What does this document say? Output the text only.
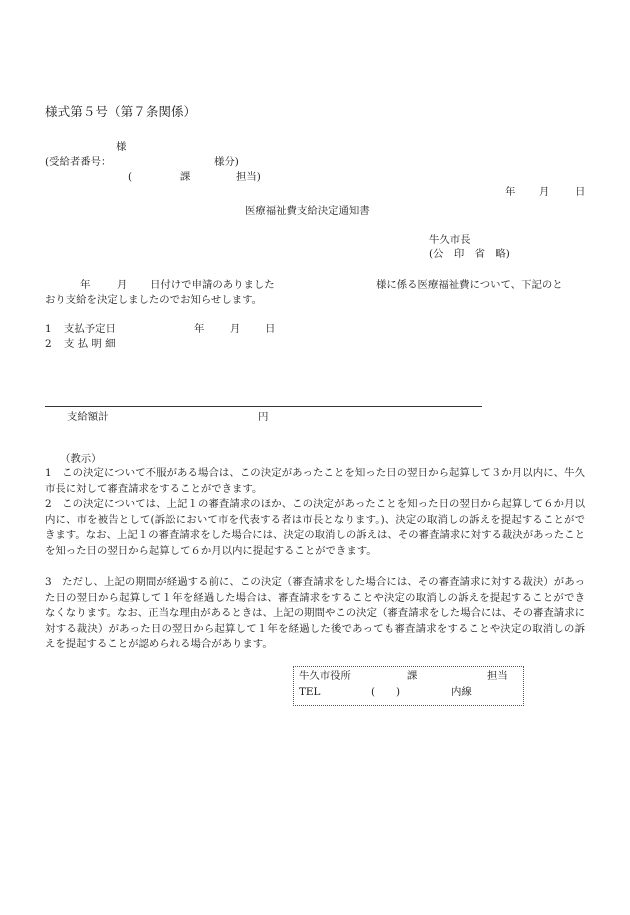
様式第５号（第７条関係）
様
(受給者番号：	様分)
(	課	担当)
年 月 日
医療福祉費支給決定通知書
牛久市長
(公　印　省　略)
年	月 日付けで申請のありました	様に係る医療福祉費について、下記のと
おり支給を決定しましたのでお知らせします。
1 支払予定日	年 月 日
2 支 払 明 細
支給額計	円
（教示）
1　この決定について不服がある場合は、この決定があったことを知った日の翌日から起算して３か月以内に、牛久市長に対して審査請求をすることができます。
2　この決定については、上記１の審査請求のほか、この決定があったことを知った日の翌日から起算して６か月以内に、市を被告として(訴訟において市を代表する者は市長となります。)、決定の取消しの訴えを提起することができます。なお、上記１の審査請求をした場合には、決定の取消しの訴えは、その審査請求に対する裁決があったことを知った日の翌日から起算して６か月以内に提起することができます。
3　ただし、上記の期間が経過する前に、この決定（審査請求をした場合には、その審査請求に対する裁決）があった日の翌日から起算して１年を経過した場合は、審査請求をすることや決定の取消しの訴えを提起することができなくなります。なお、正当な理由があるときは、上記の期間やこの決定（審査請求をした場合には、その審査請求に対する裁決）があった日の翌日から起算して１年を経過した後であっても審査請求をすることや決定の取消しの訴えを提起することが認められる場合があります。
牛久市役所	課	担当
TEL	( )	内線
